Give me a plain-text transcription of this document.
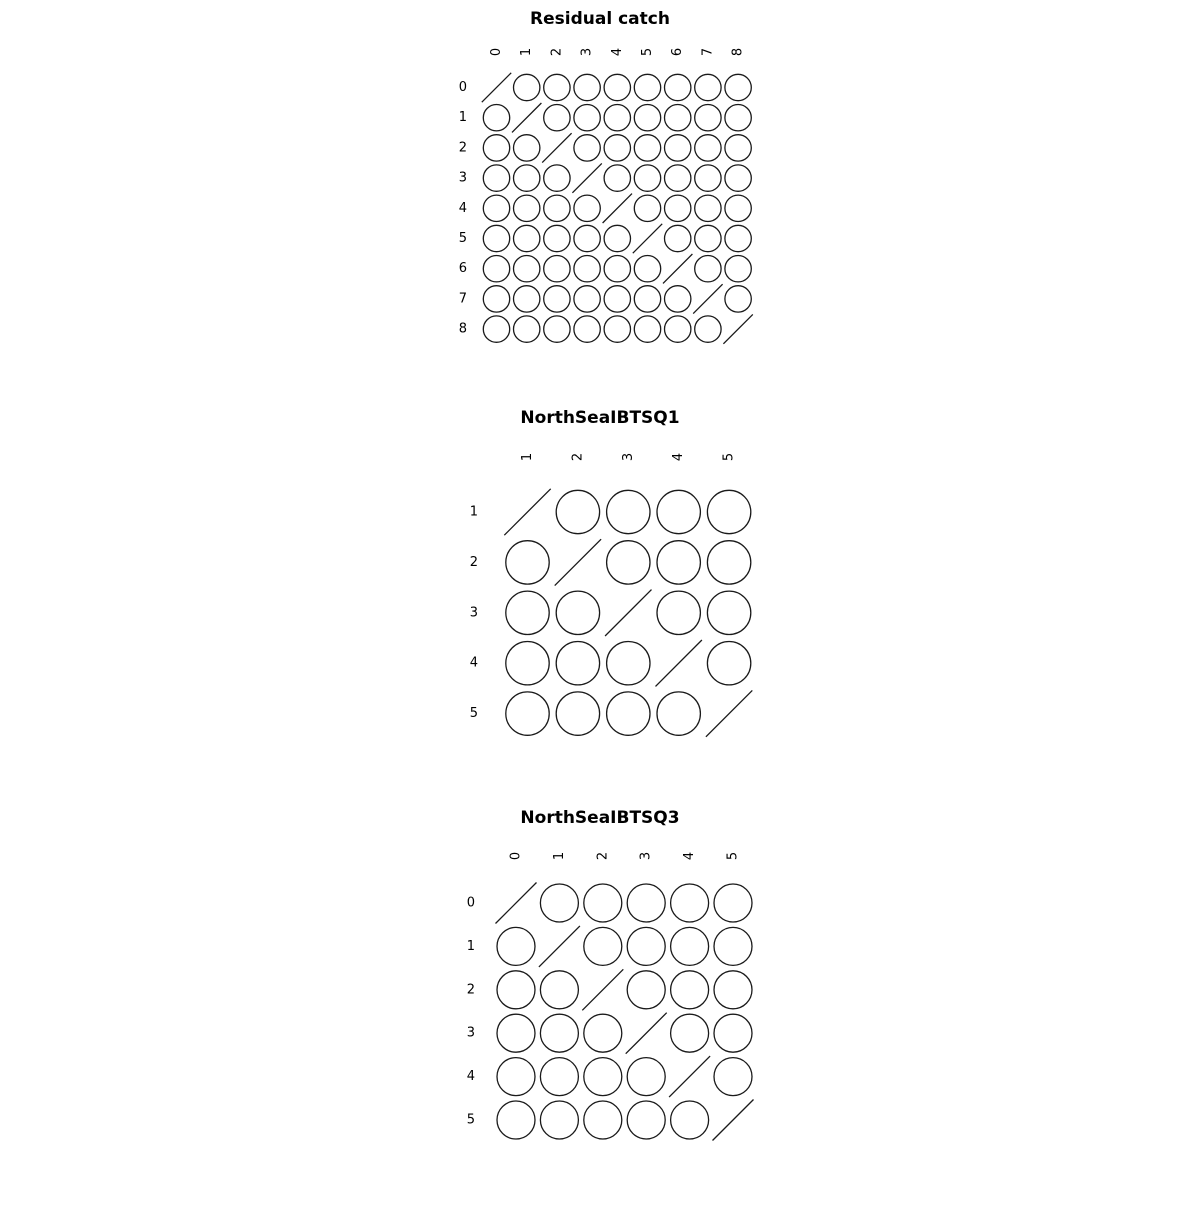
Residual catch
0 1 2 3 4 5 6 7 8
0
1
2
3
4
5
6
7
8
NorthSeaIBTSQ1
1	2	3	4	5
1
2
3
4
5
NorthSeaIBTSQ3
0 1 2 3 4 5
0
1
2
3
4
5
